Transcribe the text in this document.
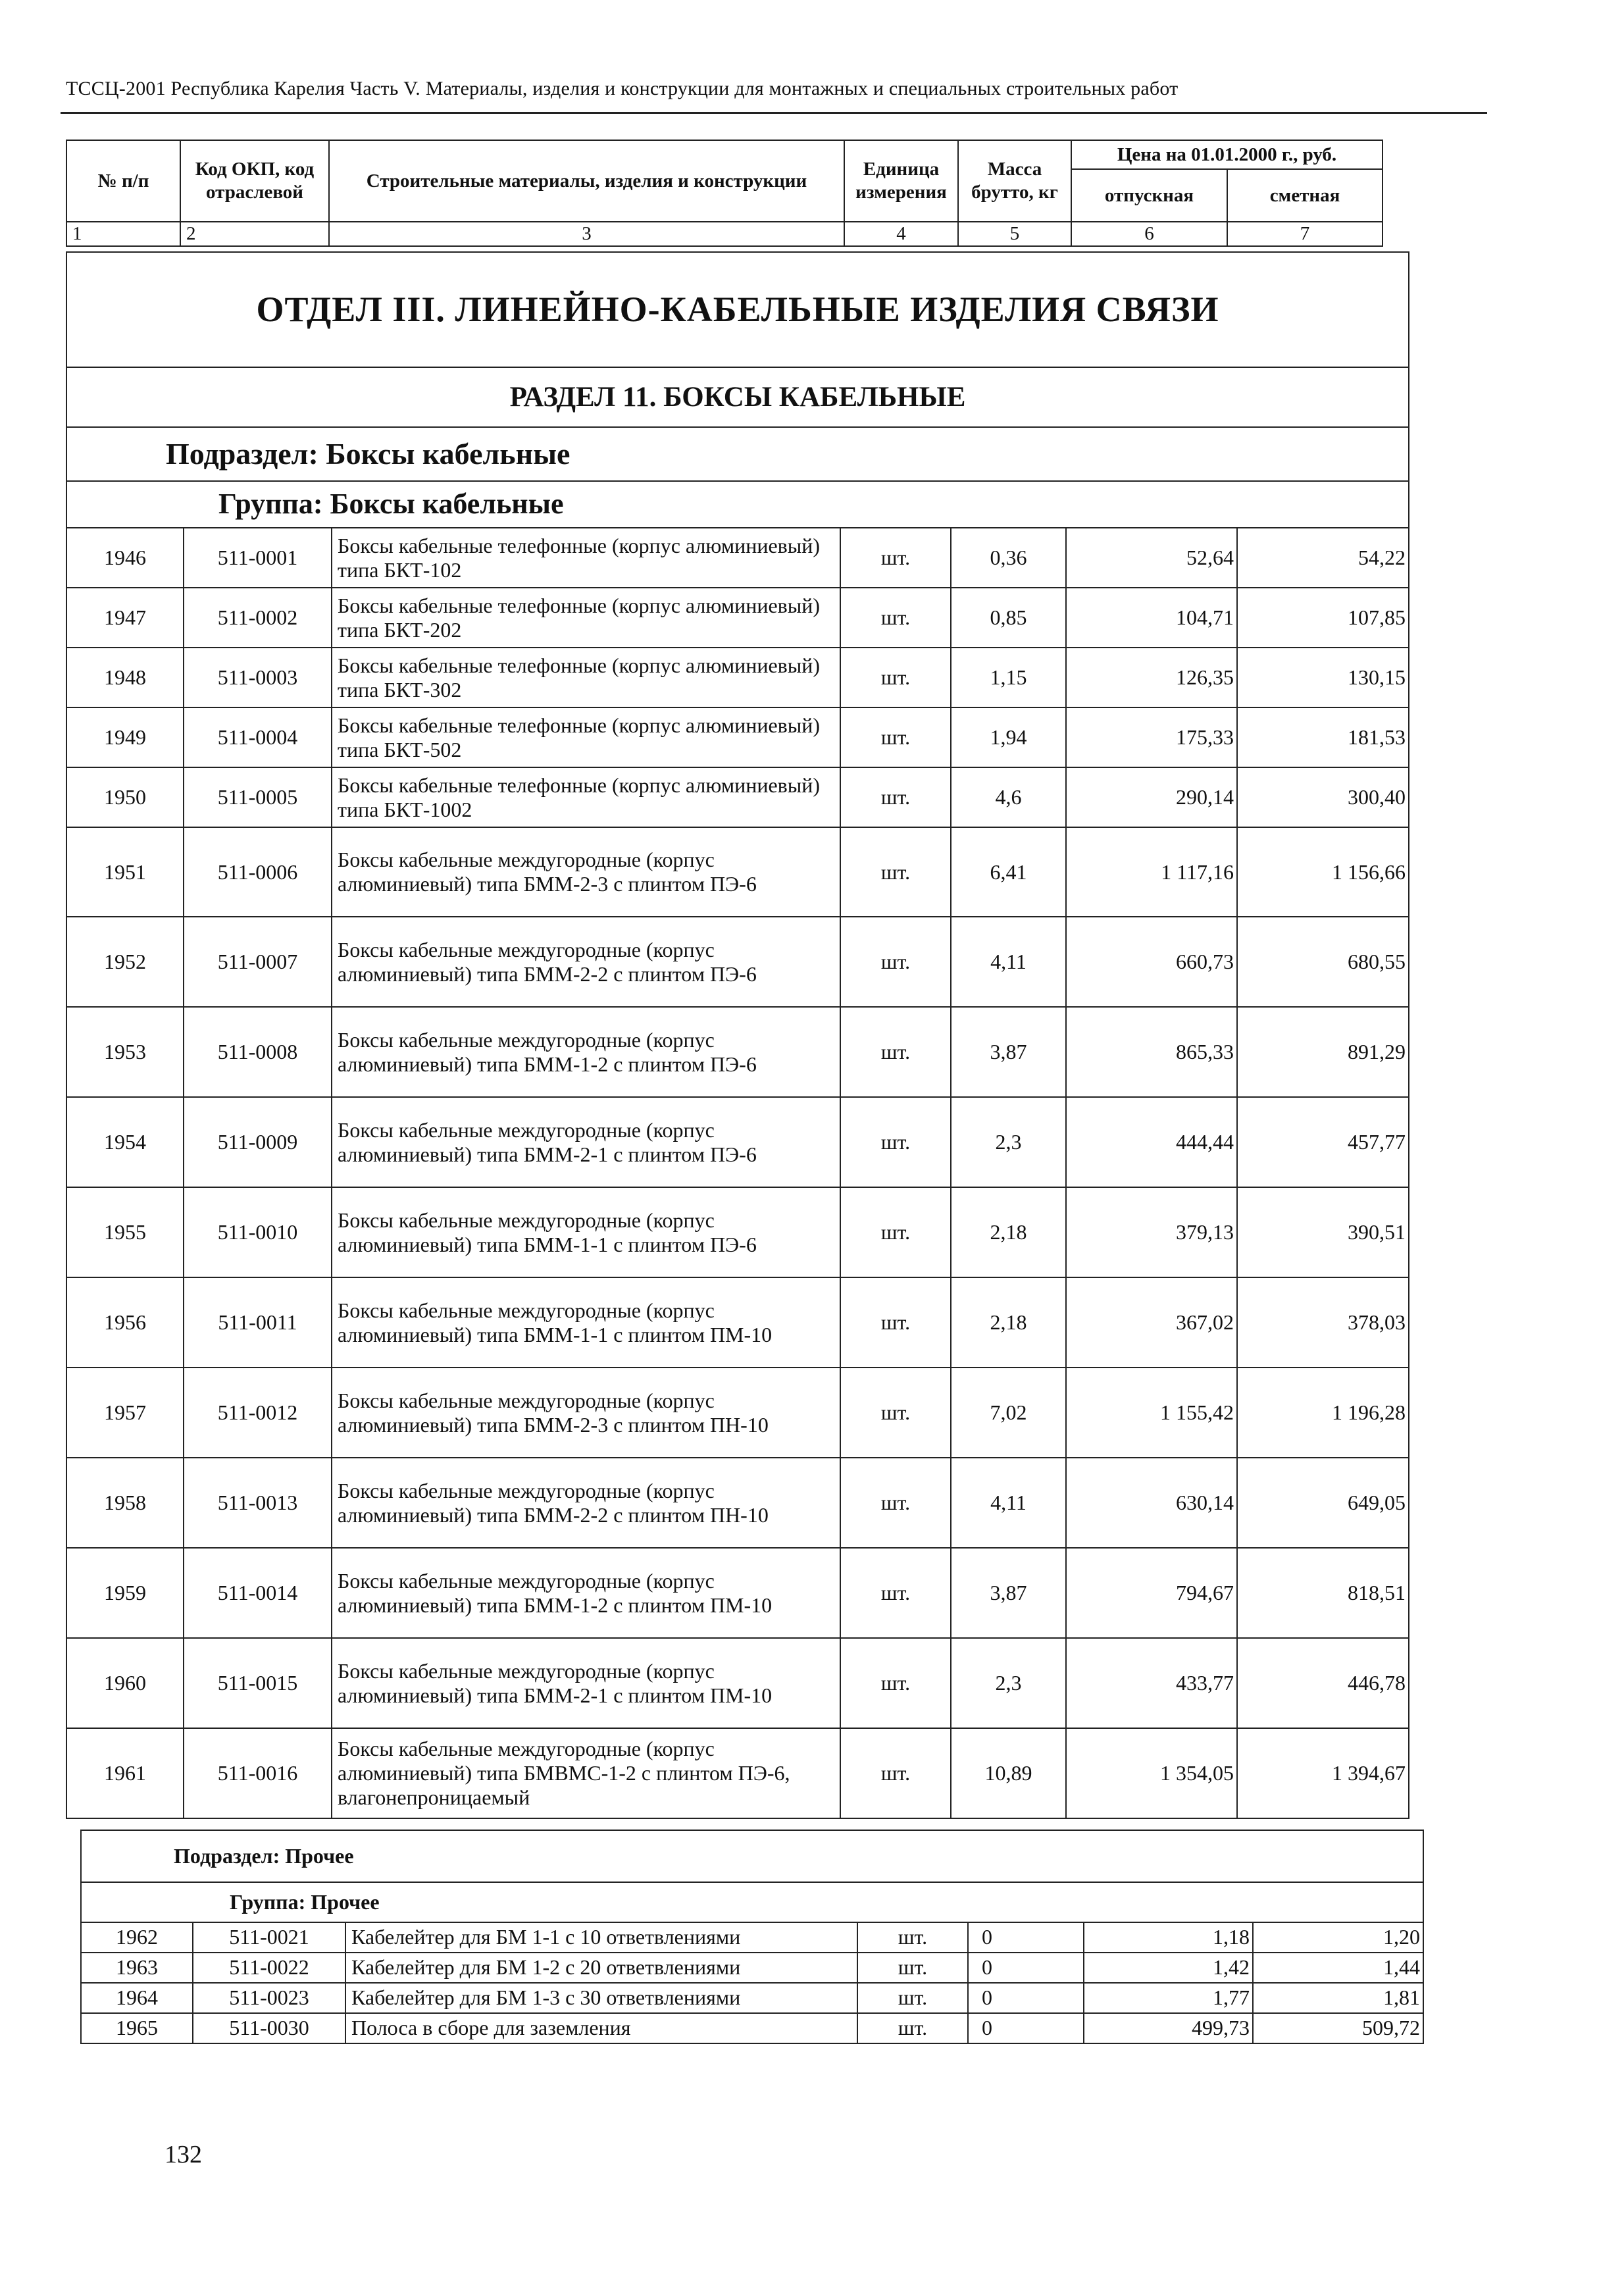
ТССЦ-2001 Республика Карелия Часть V. Материалы, изделия и конструкции для монтажных и специальных строительных работ
№ п/п	Код ОКП, код отраслевой	Строительные материалы, изделия и конструкции	Единица измерения	Масса брутто, кг	Цена на 01.01.2000 г., руб.	
					отпускная	сметная
1	2	3	4	5	6	7
ОТДЕЛ III. ЛИНЕЙНО-КАБЕЛЬНЫЕ ИЗДЕЛИЯ СВЯЗИ						
РАЗДЕЛ 11. БОКСЫ КАБЕЛЬНЫЕ						
Подраздел: Боксы кабельные						
Группа: Боксы кабельные						
1946	511-0001	Боксы кабельные телефонные (корпус алюминиевый) типа БКТ-102	шт.	0,36	52,64	54,22
1947	511-0002	Боксы кабельные телефонные (корпус алюминиевый) типа БКТ-202	шт.	0,85	104,71	107,85
1948	511-0003	Боксы кабельные телефонные (корпус алюминиевый) типа БКТ-302	шт.	1,15	126,35	130,15
1949	511-0004	Боксы кабельные телефонные (корпус алюминиевый) типа БКТ-502	шт.	1,94	175,33	181,53
1950	511-0005	Боксы кабельные телефонные (корпус алюминиевый) типа БКТ-1002	шт.	4,6	290,14	300,40
1951	511-0006	Боксы кабельные междугородные (корпус алюминиевый) типа БММ-2-3 с плинтом ПЭ-6	шт.	6,41	1 117,16	1 156,66
1952	511-0007	Боксы кабельные междугородные (корпус алюминиевый) типа БММ-2-2 с плинтом ПЭ-6	шт.	4,11	660,73	680,55
1953	511-0008	Боксы кабельные междугородные (корпус алюминиевый) типа БММ-1-2 с плинтом ПЭ-6	шт.	3,87	865,33	891,29
1954	511-0009	Боксы кабельные междугородные (корпус алюминиевый) типа БММ-2-1 с плинтом ПЭ-6	шт.	2,3	444,44	457,77
1955	511-0010	Боксы кабельные междугородные (корпус алюминиевый) типа БММ-1-1 с плинтом ПЭ-6	шт.	2,18	379,13	390,51
1956	511-0011	Боксы кабельные междугородные (корпус алюминиевый) типа БММ-1-1 с плинтом ПМ-10	шт.	2,18	367,02	378,03
1957	511-0012	Боксы кабельные междугородные (корпус алюминиевый) типа БММ-2-3 с плинтом ПН-10	шт.	7,02	1 155,42	1 196,28
1958	511-0013	Боксы кабельные междугородные (корпус алюминиевый) типа БММ-2-2 с плинтом ПН-10	шт.	4,11	630,14	649,05
1959	511-0014	Боксы кабельные междугородные (корпус алюминиевый) типа БММ-1-2 с плинтом ПМ-10	шт.	3,87	794,67	818,51
1960	511-0015	Боксы кабельные междугородные (корпус алюминиевый) типа БММ-2-1 с плинтом ПМ-10	шт.	2,3	433,77	446,78
1961	511-0016	Боксы кабельные междугородные (корпус алюминиевый) типа БМВМС-1-2 с плинтом ПЭ-6, влагонепроницаемый	шт.	10,89	1 354,05	1 394,67
Подраздел: Прочее						
Группа: Прочее						
1962	511-0021	Кабелейтер для БМ 1-1 с 10 ответвлениями	шт.	0	1,18	1,20
1963	511-0022	Кабелейтер для БМ 1-2 с 20 ответвлениями	шт.	0	1,42	1,44
1964	511-0023	Кабелейтер для БМ 1-3 с 30 ответвлениями	шт.	0	1,77	1,81
1965	511-0030	Полоса в сборе для заземления	шт.	0	499,73	509,72
132
